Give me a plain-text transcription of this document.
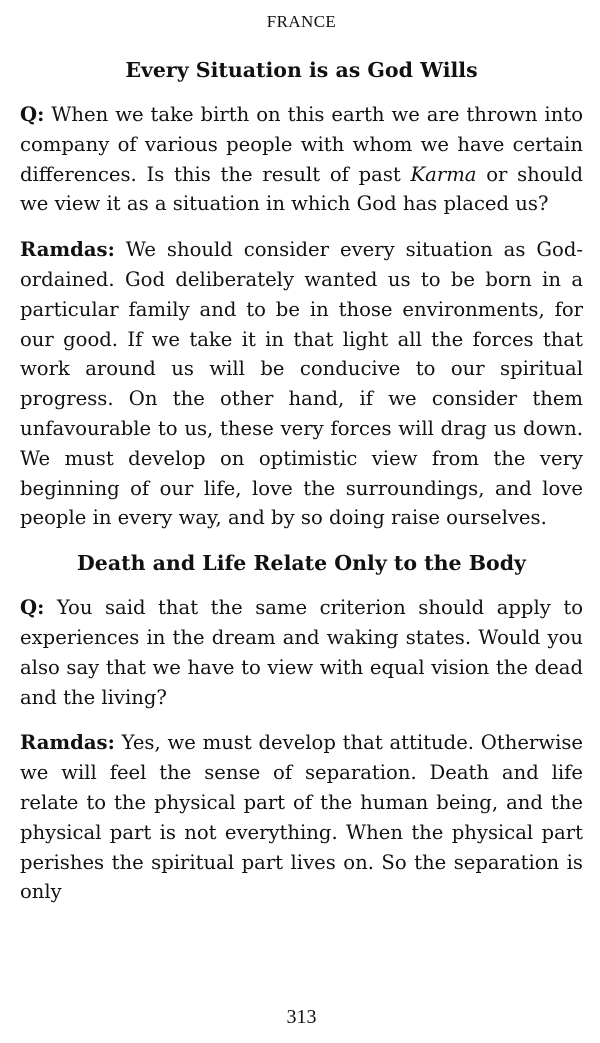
FRANCE
Every Situation is as God Wills

Q: When we take birth on this earth we are thrown into company of various people with whom we have certain differences. Is this the result of past Karma or should we view it as a situation in which God has placed us?

Ramdas: We should consider every situation as God-ordained. God deliberately wanted us to be born in a particular family and to be in those environments, for our good. If we take it in that light all the forces that work around us will be conducive to our spiritual progress. On the other hand, if we consider them unfavourable to us, these very forces will drag us down. We must develop on optimistic view from the very beginning of our life, love the surroundings, and love people in every way, and by so doing raise ourselves.

Death and Life Relate Only to the Body

Q: You said that the same criterion should apply to experiences in the dream and waking states. Would you also say that we have to view with equal vision the dead and the living?

Ramdas: Yes, we must develop that attitude. Otherwise we will feel the sense of separation. Death and life relate to the physical part of the human being, and the physical part is not everything. When the physical part perishes the spiritual part lives on. So the separation is only

313
